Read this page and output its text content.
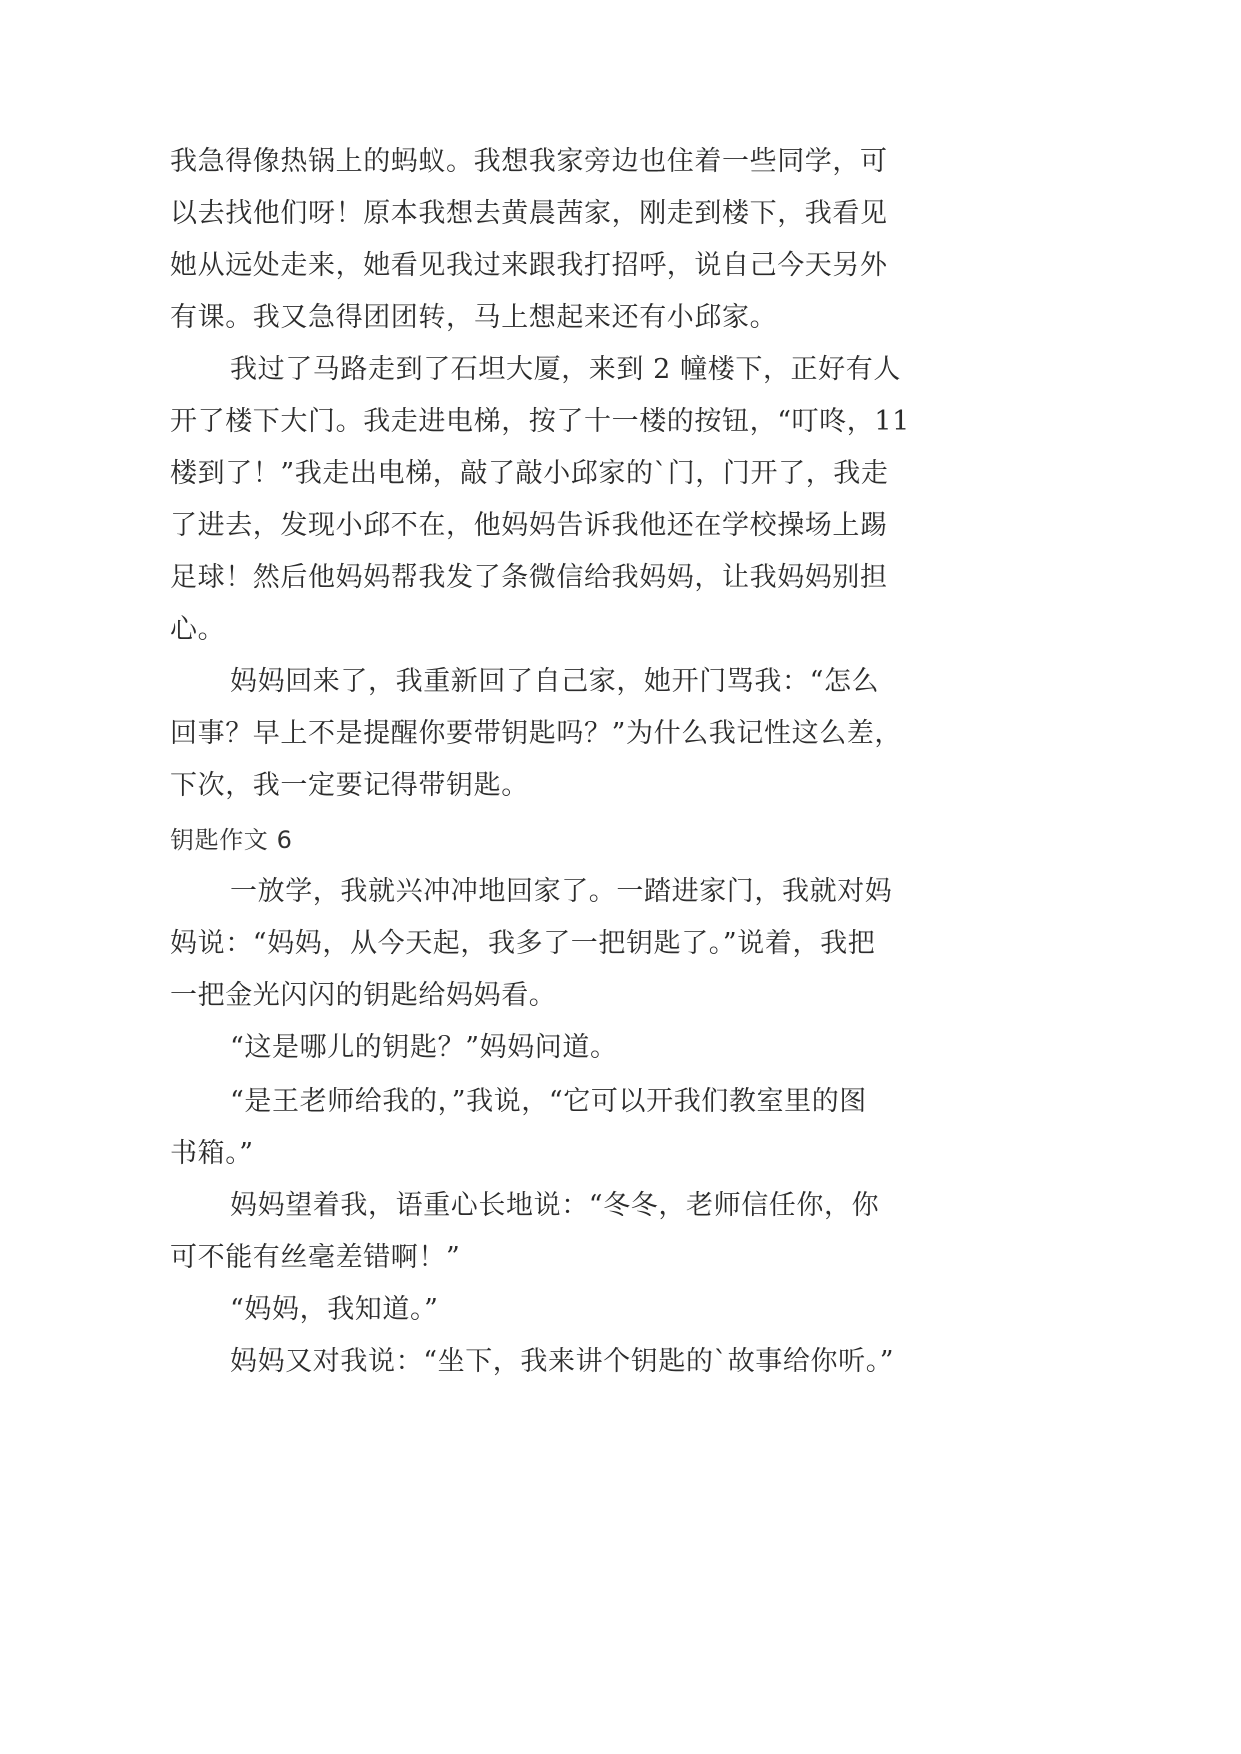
我急得像热锅上的蚂蚁。我想我家旁边也住着一些同学，可
以去找他们呀！原本我想去黄晨茜家，刚走到楼下，我看见
她从远处走来，她看见我过来跟我打招呼，说自己今天另外
有课。我又急得团团转，马上想起来还有小邱家。
我过了马路走到了石坦大厦，来到 2 幢楼下，正好有人
开了楼下大门。我走进电梯，按了十一楼的按钮，“叮咚，11
楼到了！”我走出电梯，敲了敲小邱家的`门，门开了，我走
了进去，发现小邱不在，他妈妈告诉我他还在学校操场上踢
足球！然后他妈妈帮我发了条微信给我妈妈，让我妈妈别担
心。
妈妈回来了，我重新回了自己家，她开门骂我：“怎么
回事？早上不是提醒你要带钥匙吗？”为什么我记性这么差，
下次，我一定要记得带钥匙。
钥匙作文 6
一放学，我就兴冲冲地回家了。一踏进家门，我就对妈
妈说：“妈妈，从今天起，我多了一把钥匙了。”说着，我把
一把金光闪闪的钥匙给妈妈看。
“这是哪儿的钥匙？”妈妈问道。
“是王老师给我的，”我说，“它可以开我们教室里的图
书箱。”
妈妈望着我，语重心长地说：“冬冬，老师信任你，你
可不能有丝毫差错啊！”
“妈妈，我知道。”
妈妈又对我说：“坐下，我来讲个钥匙的`故事给你听。”
